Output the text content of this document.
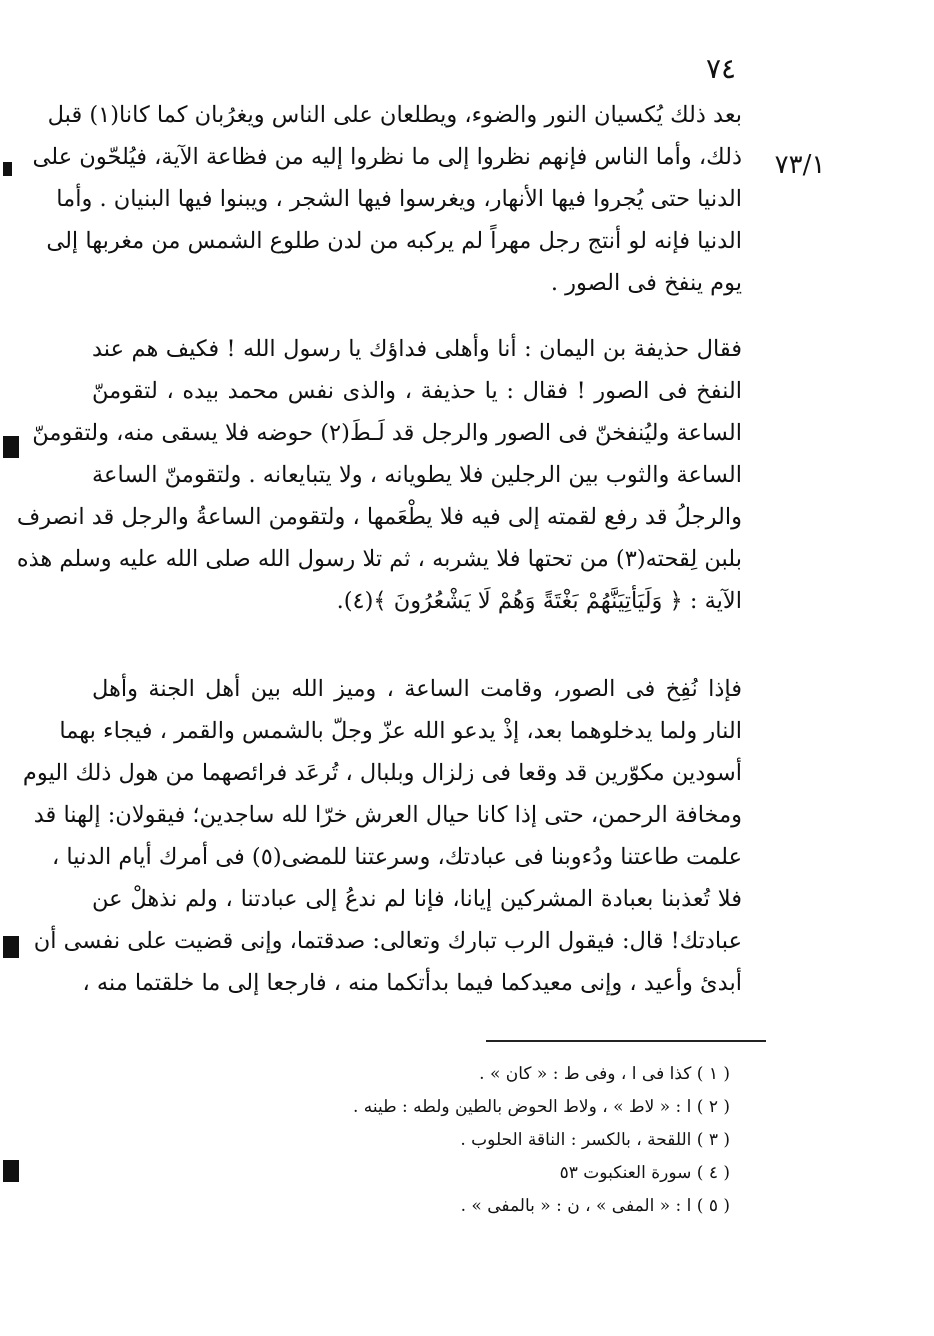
٧٤
٧٣/١
بعد ذلك يُكسيان النور والضوء، ويطلعان على الناس ويغرُبان كما كانا(١) قبل
ذلك، وأما الناس فإنهم نظروا إلى ما نظروا إليه من فظاعة الآية، فيُلحّون على
الدنيا حتى يُجروا فيها الأنهار، ويغرسوا فيها الشجر ، ويبنوا فيها البنيان . وأما
الدنيا فإنه لو أنتج رجل مهراً لم يركبه من لدن طلوع الشمس من مغربها إلى
يوم ينفخ فى الصور .
فقال حذيفة بن اليمان : أنا وأهلى فداؤك يا رسول الله ! فكيف هم عند
النفخ فى الصور ! فقال : يا حذيفة ، والذى نفس محمد بيده ، لتقومنّ
الساعة وليُنفخنّ فى الصور والرجل قد لَـطَ(٢) حوضه فلا يسقى منه، ولتقومنّ
الساعة والثوب بين الرجلين فلا يطويانه ، ولا يتبايعانه . ولتقومنّ الساعة
والرجلُ قد رفع لقمته إلى فيه فلا يطْعَمها ، ولتقومن الساعةُ والرجل قد انصرف
بلبن لِقحته(٣) من تحتها فلا يشربه ، ثم تلا رسول الله صلى الله عليه وسلم هذه
الآية : ﴿ وَلَيَأتِيَنَّهُمْ بَغْتَةً وَهُمْ لَا يَشْعُرُونَ ﴾(٤).
فإذا نُفِخ فى الصور، وقامت الساعة ، وميز الله بين أهل الجنة وأهل
النار ولما يدخلوهما بعد، إذْ يدعو الله عزّ وجلّ بالشمس والقمر ، فيجاء بهما
أسودين مكوّرين قد وقعا فى زلزال وبلبال ، تُرعَد فرائصهما من هول ذلك اليوم
ومخافة الرحمن، حتى إذا كانا حيال العرش خرّا لله ساجدين؛ فيقولان: إلهنا قد
علمت طاعتنا ودُءوبنا فى عبادتك، وسرعتنا للمضى(٥) فى أمرك أيام الدنيا ،
فلا تُعذبنا بعبادة المشركين إيانا، فإنا لم ندعُ إلى عبادتنا ، ولم نذهلْ عن
عبادتك! قال: فيقول الرب تبارك وتعالى: صدقتما، وإنى قضيت على نفسى أن
أبدئ وأعيد ، وإنى معيدكما فيما بدأتكما منه ، فارجعا إلى ما خلقتما منه ،
( ١ ) كذا فى ا ، وفى ط : « كان » .
( ٢ ) ا : « لاط » ، ولاط الحوض بالطين ولطه : طينه .
( ٣ ) اللقحة ، بالكسر : الناقة الحلوب .
( ٤ ) سورة العنكبوت ٥٣
( ٥ ) ا : « المفى » ، ن : « بالمفى » .
